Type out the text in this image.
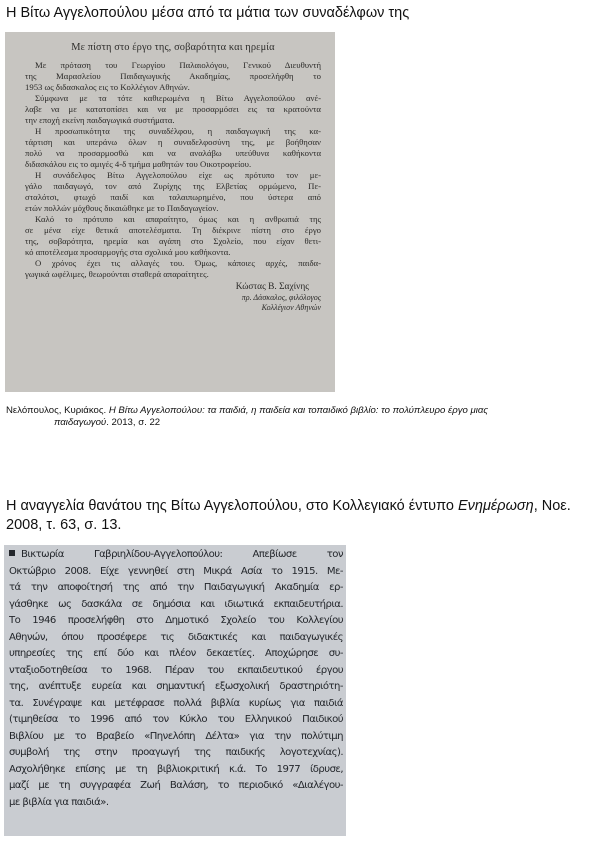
Η Βίτω Αγγελοπούλου μέσα από τα μάτια των συναδέλφων της

Με πίστη στο έργο της, σοβαρότητα και ηρεμία

Με πρόταση του Γεωργίου Παλαιολόγου, Γενικού Διευθυντή
της Μαρασλείου Παιδαγωγικής Ακαδημίας, προσελήφθη το
1953 ως διδασκαλος εις το Κολλέγιον Αθηνών.
Σύμφωνα με τα τότε καθιερωμένα η Βίτω Αγγελοπούλου ανέ-
λαβε να με κατατοπίσει και να με προσαρμόσει εις τα κρατούντα
την εποχή εκείνη παιδαγωγικά συστήματα.
Η προσωπικότητα της συναδέλφου, η παιδαγωγική της κα-
τάρτιση και υπεράνω όλων η συναδελφοσύνη της, με βοήθησαν
πολύ να προσαρμοσθώ και να αναλάβω υπεύθυνα καθήκοντα
διδασκάλου εις το αμιγές 4-δ τμήμα μαθητών του Οικοτροφείου.
Η συνάδελφος Βίτω Αγγελοπούλου είχε ως πρότυπο τον με-
γάλο παιδαγωγό, τον από Ζυρίχης της Ελβετίας ορμώμενο, Πε-
σταλότσι, φτωχό παιδί και ταλαιπωρημένο, που ύστερα από
ετών πολλών μόχθους δικαιώθηκε με το Παιδαγωγείον.
Καλό το πρότυπο και απαραίτητο, όμως και η ανθρωπιά της
σε μένα είχε θετικά αποτελέσματα. Τη διέκρινε πίστη στο έργο
της, σοβαρότητα, ηρεμία και αγάπη στο Σχολείο, που είχαν θετι-
κό αποτέλεσμα προσαρμογής στα σχολικά μου καθήκοντα.
Ο χρόνος έχει τις αλλαγές του. Όμως, κάποιες αρχές, παιδα-
γωγικά ωφέλιμες, θεωρούνται σταθερά απαραίτητες.
Κώστας Β. Σαχίνης
πρ. Δάσκαλος, φιλόλογος
Κολλέγιον Αθηνών

Νελόπουλος, Κυριάκος. Η Βίτω Αγγελοπούλου: τα παιδιά, η παιδεία και τοπαιδικό βιβλίο: το πολύπλευρο έργο μιας
παιδαγωγού. 2013, σ. 22

Η αναγγελία θανάτου της Βίτω Αγγελοπούλου, στο Κολλεγιακό έντυπο Ενημέρωση, Νοε. 2008, τ. 63, σ. 13.
Βικτωρία Γαβριηλίδου-Αγγελοπούλου: Απεβίωσε τον
Οκτώβριο 2008. Είχε γεννηθεί στη Μικρά Ασία το 1915. Με-
τά την αποφοίτησή της από την Παιδαγωγική Ακαδημία ερ-
γάσθηκε ως δασκάλα σε δημόσια και ιδιωτικά εκπαιδευτήρια.
Το 1946 προσελήφθη στο Δημοτικό Σχολείο του Κολλεγίου
Αθηνών, όπου προσέφερε τις διδακτικές και παιδαγωγικές
υπηρεσίες της επί δύο και πλέον δεκαετίες. Αποχώρησε συ-
νταξιοδοτηθείσα το 1968. Πέραν του εκπαιδευτικού έργου
της, ανέπτυξε ευρεία και σημαντική εξωσχολική δραστηριότη-
τα. Συνέγραψε και μετέφρασε πολλά βιβλία κυρίως για παιδιά
(τιμηθείσα το 1996 από τον Κύκλο του Ελληνικού Παιδικού
Βιβλίου με το Βραβείο «Πηνελόπη Δέλτα» για την πολύτιμη
συμβολή της στην προαγωγή της παιδικής λογοτεχνίας).
Ασχολήθηκε επίσης με τη βιβλιοκριτική κ.ά. Το 1977 ίδρυσε,
μαζί με τη συγγραφέα Ζωή Βαλάση, το περιοδικό «Διαλέγου-
με βιβλία για παιδιά».
